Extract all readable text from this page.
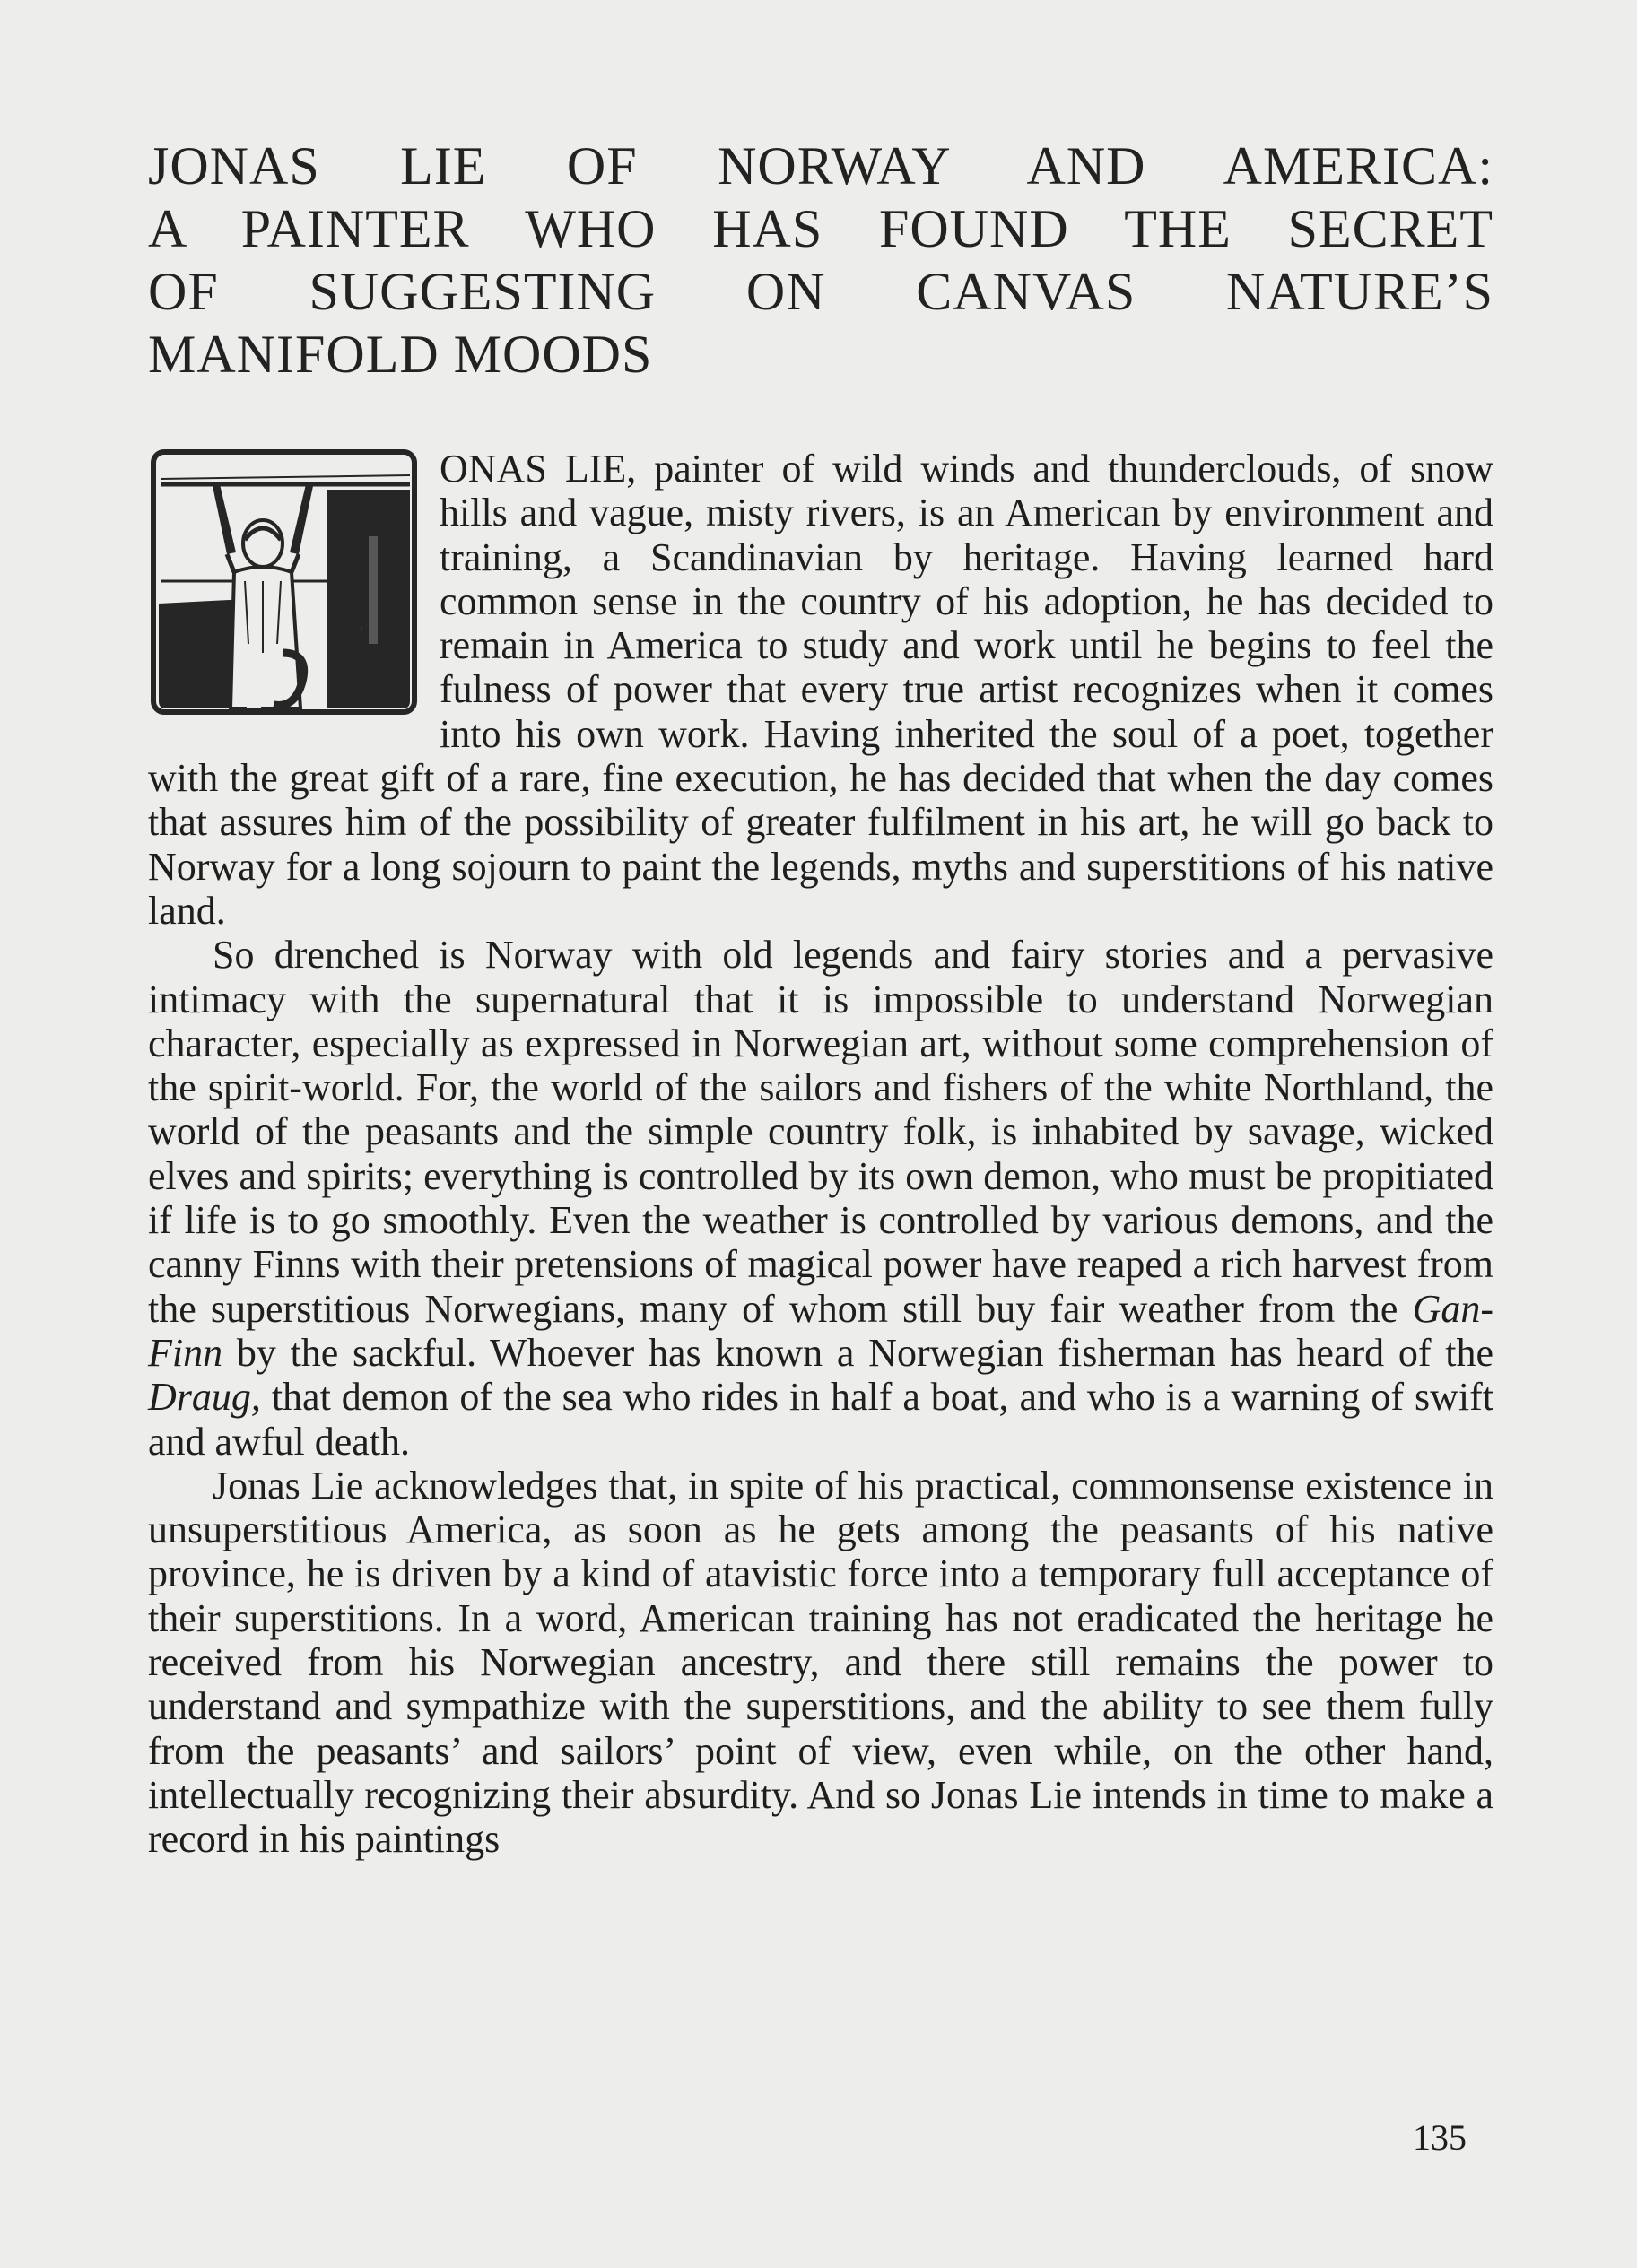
JONAS LIE OF NORWAY AND AMERICA:
A PAINTER WHO HAS FOUND THE SECRET
OF SUGGESTING ON CANVAS NATURE’S
MANIFOLD MOODS

ONAS LIE, painter of wild winds and thunderclouds, of snow hills and vague, misty rivers, is an American by environment and training, a Scandinavian by heritage. Having learned hard common sense in the country of his adoption, he has decided to remain in America to study and work until he begins to feel the fulness of power that every true artist recognizes when it comes into his own work. Having inherited the soul of a poet, together with the great gift of a rare, fine execution, he has decided that when the day comes that assures him of the possibility of greater fulfilment in his art, he will go back to Norway for a long sojourn to paint the legends, myths and superstitions of his native land.

So drenched is Norway with old legends and fairy stories and a pervasive intimacy with the supernatural that it is impossible to understand Norwegian character, especially as expressed in Norwegian art, without some comprehension of the spirit-world. For, the world of the sailors and fishers of the white Northland, the world of the peasants and the simple country folk, is inhabited by savage, wicked elves and spirits; everything is controlled by its own demon, who must be propitiated if life is to go smoothly. Even the weather is controlled by various demons, and the canny Finns with their pretensions of magical power have reaped a rich harvest from the superstitious Norwegians, many of whom still buy fair weather from the Gan-Finn by the sackful. Whoever has known a Norwegian fisherman has heard of the Draug, that demon of the sea who rides in half a boat, and who is a warning of swift and awful death.

Jonas Lie acknowledges that, in spite of his practical, commonsense existence in unsuperstitious America, as soon as he gets among the peasants of his native province, he is driven by a kind of atavistic force into a temporary full acceptance of their superstitions. In a word, American training has not eradicated the heritage he received from his Norwegian ancestry, and there still remains the power to understand and sympathize with the superstitions, and the ability to see them fully from the peasants’ and sailors’ point of view, even while, on the other hand, intellectually recognizing their absurdity. And so Jonas Lie intends in time to make a record in his paintings

135
